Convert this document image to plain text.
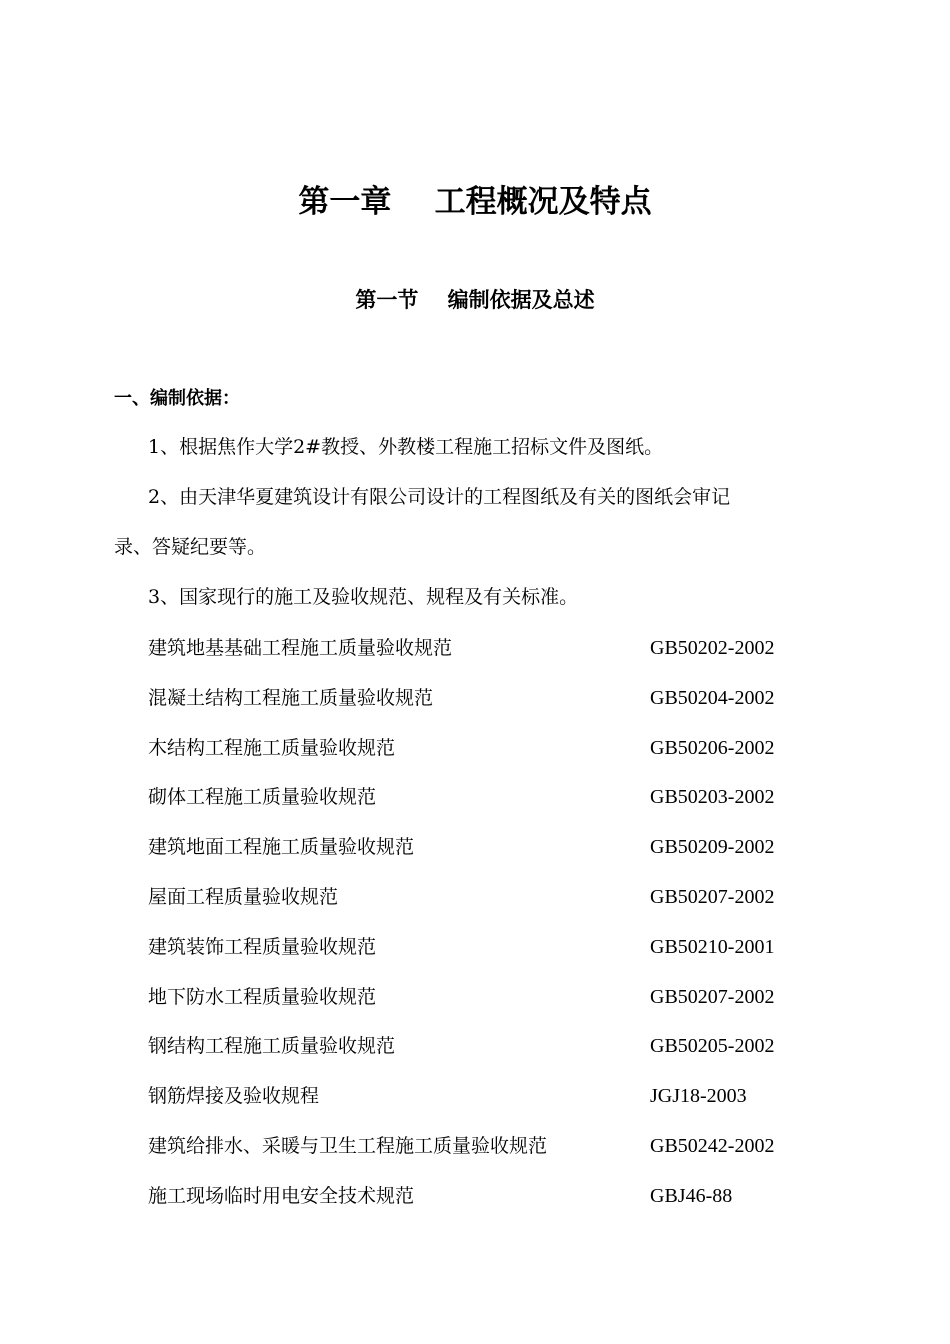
第一章    工程概况及特点
第一节    编制依据及总述
一、编制依据：
1、根据焦作大学2#教授、外教楼工程施工招标文件及图纸。
2、由天津华夏建筑设计有限公司设计的工程图纸及有关的图纸会审记
录、答疑纪要等。
3、国家现行的施工及验收规范、规程及有关标准。
建筑地基基础工程施工质量验收规范	GB50202-2002
混凝土结构工程施工质量验收规范	GB50204-2002
木结构工程施工质量验收规范	GB50206-2002
砌体工程施工质量验收规范	GB50203-2002
建筑地面工程施工质量验收规范	GB50209-2002
屋面工程质量验收规范	GB50207-2002
建筑装饰工程质量验收规范	GB50210-2001
地下防水工程质量验收规范	GB50207-2002
钢结构工程施工质量验收规范	GB50205-2002
钢筋焊接及验收规程	JGJ18-2003
建筑给排水、采暖与卫生工程施工质量验收规范	GB50242-2002
施工现场临时用电安全技术规范	GBJ46-88
